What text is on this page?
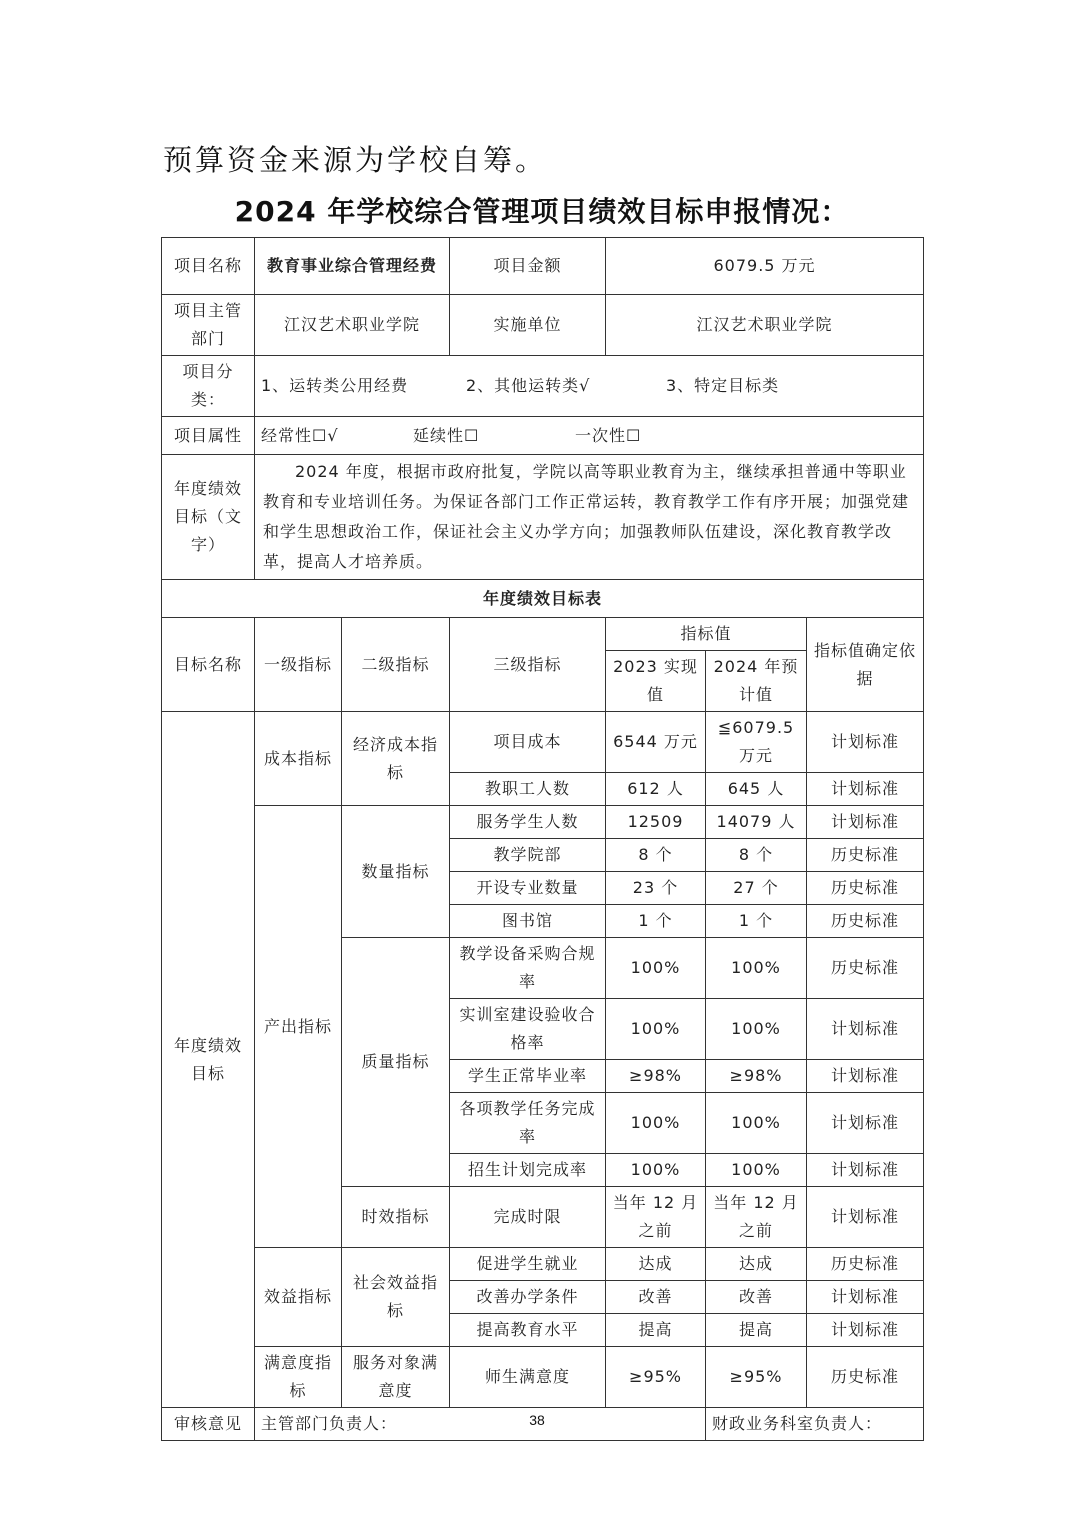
预算资金来源为学校自筹。
2024 年学校综合管理项目绩效目标申报情况：
项目名称	教育事业综合管理经费		项目金额	6079.5 万元		
项目主管部门	江汉艺术职业学院		实施单位	江汉艺术职业学院		
项目分类：	1、运转类公用经费 2、其他运转类√ 3、特定目标类					
项目属性	经常性☐√ 延续性☐ 一次性☐					
年度绩效目标（文字）	2024 年度，根据市政府批复，学院以高等职业教育为主，继续承担普通中等职业教育和专业培训任务。为保证各部门工作正常运转，教育教学工作有序开展；加强党建和学生思想政治工作，保证社会主义办学方向；加强教师队伍建设，深化教育教学改革，提高人才培养质。					
年度绩效目标表						
目标名称	一级指标	二级指标	三级指标	指标值		指标值确定依据
				2023 实现值	2024 年预计值	
年度绩效目标	成本指标	经济成本指标	项目成本	6544 万元	≦6079.5 万元	计划标准
			教职工人数	612 人	645 人	计划标准
	产出指标	数量指标	服务学生人数	12509	14079 人	计划标准
			教学院部	8 个	8 个	历史标准
			开设专业数量	23 个	27 个	历史标准
			图书馆	1 个	1 个	历史标准
		质量指标	教学设备采购合规率	100%	100%	历史标准
			实训室建设验收合格率	100%	100%	计划标准
			学生正常毕业率	≥98%	≥98%	计划标准
			各项教学任务完成率	100%	100%	计划标准
			招生计划完成率	100%	100%	计划标准
		时效指标	完成时限	当年 12 月之前	当年 12 月之前	计划标准
	效益指标	社会效益指标	促进学生就业	达成	达成	历史标准
			改善办学条件	改善	改善	计划标准
			提高教育水平	提高	提高	计划标准
	满意度指标	服务对象满意度	师生满意度	≥95%	≥95%	历史标准
审核意见	主管部门负责人：				财政业务科室负责人：	
38
